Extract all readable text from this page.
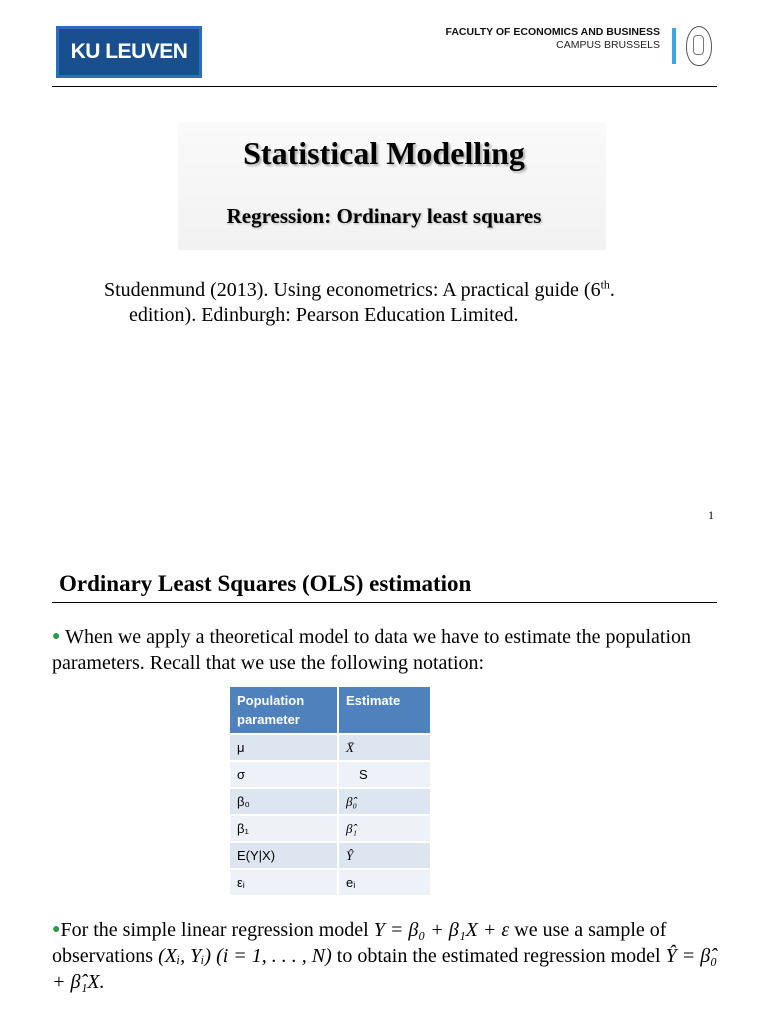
KU LEUVEN
FACULTY OF ECONOMICS AND BUSINESS
CAMPUS BRUSSELS
Statistical Modelling
Regression: Ordinary least squares
Studenmund (2013). Using econometrics: A practical guide (6th.
edition). Edinburgh: Pearson Education Limited.
1
Ordinary Least Squares (OLS) estimation
● When we apply a theoretical model to data we have to estimate the population parameters. Recall that we use the following notation:
Population parameter	Estimate
μ	X̄
σ	S
β₀	β̂₀
β₁	β̂₁
E(Y|X)	Ŷ
εᵢ	eᵢ
●For the simple linear regression model Y = β₀ + β₁X + ε we use a sample of observations (Xᵢ, Yᵢ) (i = 1, . . . , N) to obtain the estimated regression model Ŷ = β̂₀ + β̂₁X.
